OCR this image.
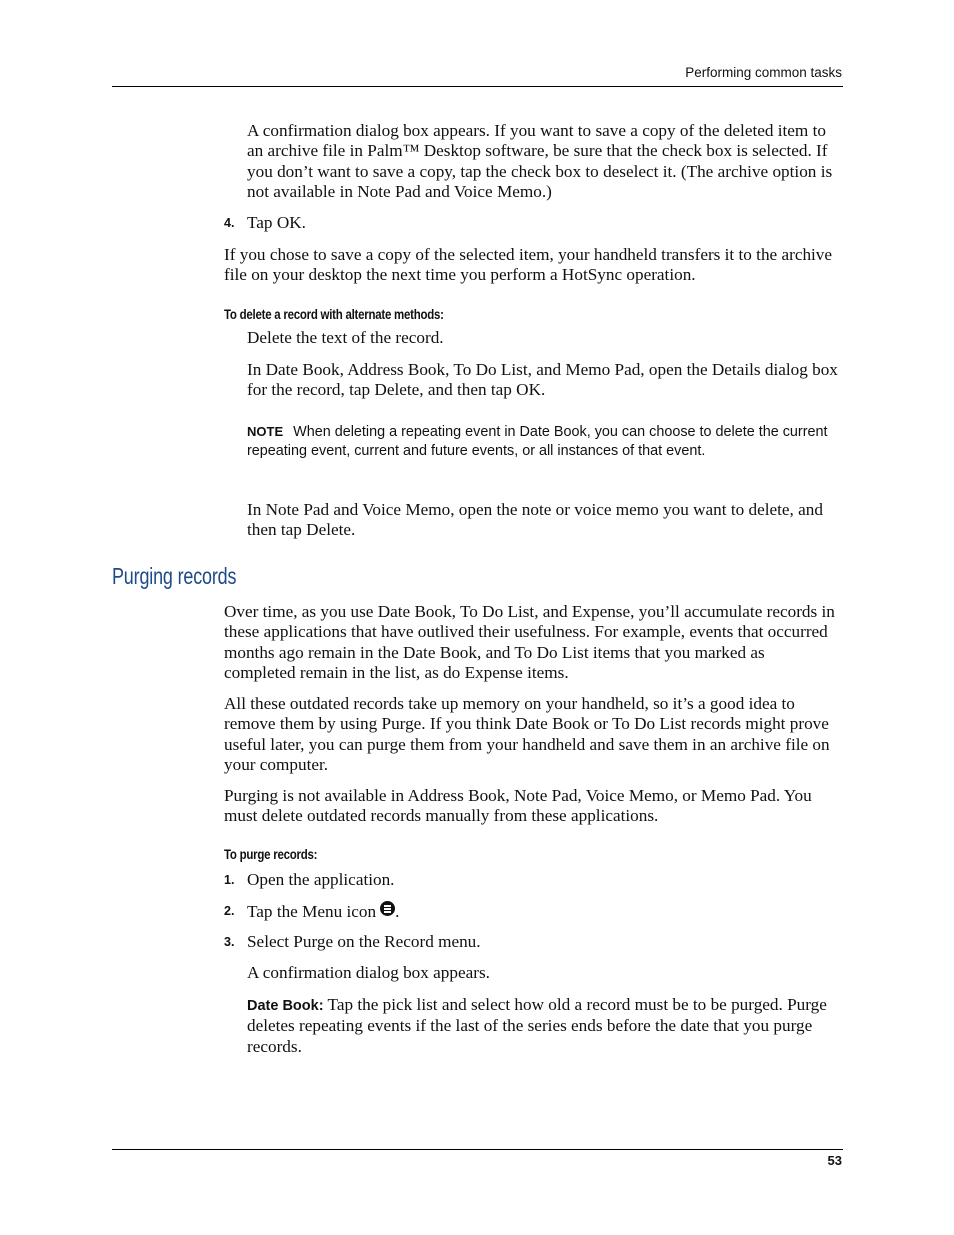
Performing common tasks
A confirmation dialog box appears. If you want to save a copy of the deleted item to an archive file in Palm™ Desktop software, be sure that the check box is selected. If you don’t want to save a copy, tap the check box to deselect it. (The archive option is not available in Note Pad and Voice Memo.)
4. Tap OK.
If you chose to save a copy of the selected item, your handheld transfers it to the archive file on your desktop the next time you perform a HotSync operation.
To delete a record with alternate methods:
Delete the text of the record.
In Date Book, Address Book, To Do List, and Memo Pad, open the Details dialog box for the record, tap Delete, and then tap OK.
NOTE When deleting a repeating event in Date Book, you can choose to delete the current repeating event, current and future events, or all instances of that event.
In Note Pad and Voice Memo, open the note or voice memo you want to delete, and then tap Delete.
Purging records
Over time, as you use Date Book, To Do List, and Expense, you’ll accumulate records in these applications that have outlived their usefulness. For example, events that occurred months ago remain in the Date Book, and To Do List items that you marked as completed remain in the list, as do Expense items.
All these outdated records take up memory on your handheld, so it’s a good idea to remove them by using Purge. If you think Date Book or To Do List records might prove useful later, you can purge them from your handheld and save them in an archive file on your computer.
Purging is not available in Address Book, Note Pad, Voice Memo, or Memo Pad. You must delete outdated records manually from these applications.
To purge records:
1. Open the application.
2. Tap the Menu icon .
3. Select Purge on the Record menu.
A confirmation dialog box appears.
Date Book: Tap the pick list and select how old a record must be to be purged. Purge deletes repeating events if the last of the series ends before the date that you purge records.
53
